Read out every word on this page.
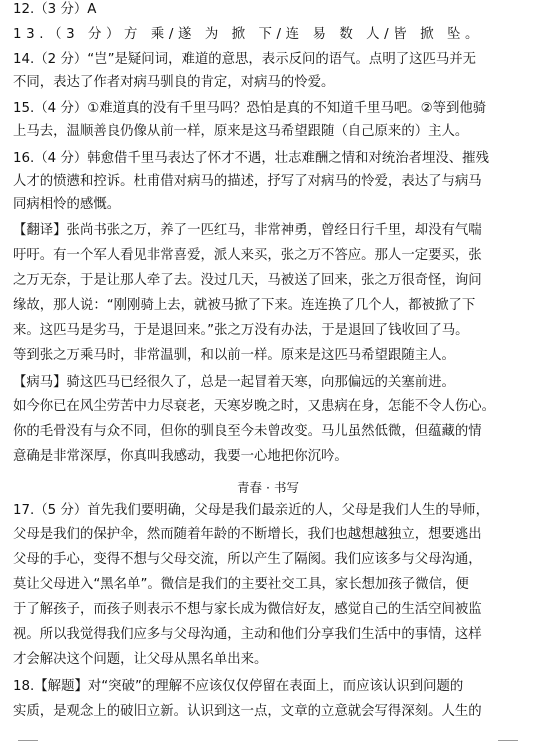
12.（3 分）A
13.（3 分）方 乘/遂 为 掀 下/连 易 数 人/皆 掀 坠。
14.（2 分）“岂”是疑问词，难道的意思，表示反问的语气。点明了这匹马并无
不同，表达了作者对病马驯良的肯定，对病马的怜爱。
15.（4 分）①难道真的没有千里马吗？恐怕是真的不知道千里马吧。②等到他骑
上马去，温顺善良仍像从前一样，原来是这马希望跟随（自己原来的）主人。
16.（4 分）韩愈借千里马表达了怀才不遇，壮志难酬之情和对统治者埋没、摧残
人才的愤懑和控诉。杜甫借对病马的描述，抒写了对病马的怜爱，表达了与病马
同病相怜的感慨。
【翻译】张尚书张之万，养了一匹红马，非常神勇，曾经日行千里，却没有气喘
吁吁。有一个军人看见非常喜爱，派人来买，张之万不答应。那人一定要买，张
之万无奈，于是让那人牵了去。没过几天，马被送了回来，张之万很奇怪，询问
缘故，那人说：“刚刚骑上去，就被马掀了下来。连连换了几个人，都被掀了下
来。这匹马是劣马，于是退回来。”张之万没有办法，于是退回了钱收回了马。
等到张之万乘马时，非常温驯，和以前一样。原来是这匹马希望跟随主人。
【病马】骑这匹马已经很久了，总是一起冒着天寒，向那偏远的关塞前进。
如今你已在风尘劳苦中力尽衰老，天寒岁晚之时，又患病在身，怎能不令人伤心。
你的毛骨没有与众不同，但你的驯良至今未曾改变。马儿虽然低微，但蕴藏的情
意确是非常深厚，你真叫我感动，我要一心地把你沉吟。
青春 · 书写
17.（5 分）首先我们要明确，父母是我们最亲近的人，父母是我们人生的导师，
父母是我们的保护伞，然而随着年龄的不断增长，我们也越想越独立，想要逃出
父母的手心，变得不想与父母交流，所以产生了隔阂。我们应该多与父母沟通，
莫让父母进入“黑名单”。微信是我们的主要社交工具，家长想加孩子微信，便
于了解孩子，而孩子则表示不想与家长成为微信好友，感觉自己的生活空间被监
视。所以我觉得我们应多与父母沟通，主动和他们分享我们生活中的事情，这样
才会解决这个问题，让父母从黑名单出来。
18.【解题】对“突破”的理解不应该仅仅停留在表面上，而应该认识到问题的
实质，是观念上的破旧立新。认识到这一点，文章的立意就会写得深刻。人生的
